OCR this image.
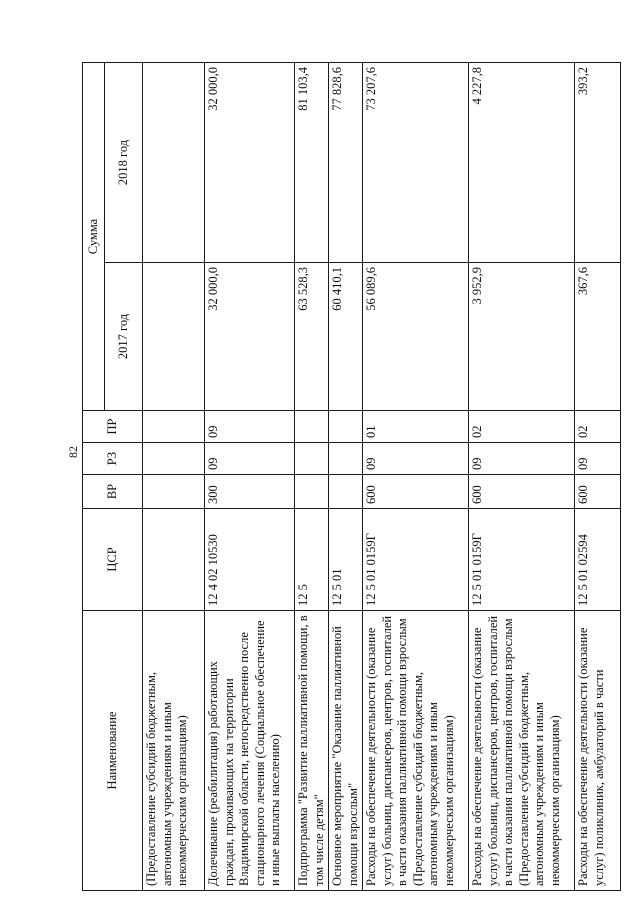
82
Наименование	ЦСР	ВР	РЗ	ПР	Сумма	
					2017 год	2018 год
(Предоставление субсидий бюджетным, автономным учреждениям и иным некоммерческим организациям)						
Долечивание (реабилитация) работающих граждан, проживающих на территории Владимирской области, непосредственно после стационарного лечения (Социальное обеспечение и иные выплаты населению)	12 4 02 10530	300	09	09	32 000,0	32 000,0
Подпрограмма "Развитие паллиативной помощи, в том числе детям"	12 5				63 528,3	81 103,4
Основное мероприятие "Оказание паллиативной помощи взрослым"	12 5 01				60 410,1	77 828,6
Расходы на обеспечение деятельности (оказание услуг) больниц, диспансеров, центров, госпиталей в части оказания паллиативной помощи взрослым (Предоставление субсидий бюджетным, автономным учреждениям и иным некоммерческим организациям)	12 5 01 0159Г	600	09	01	56 089,6	73 207,6
Расходы на обеспечение деятельности (оказание услуг) больниц, диспансеров, центров, госпиталей в части оказания паллиативной помощи взрослым (Предоставление субсидий бюджетным, автономным учреждениям и иным некоммерческим организациям)	12 5 01 0159Г	600	09	02	3 952,9	4 227,8
Расходы на обеспечение деятельности (оказание услуг) поликлиник, амбулаторий в части	12 5 01 02594	600	09	02	367,6	393,2
